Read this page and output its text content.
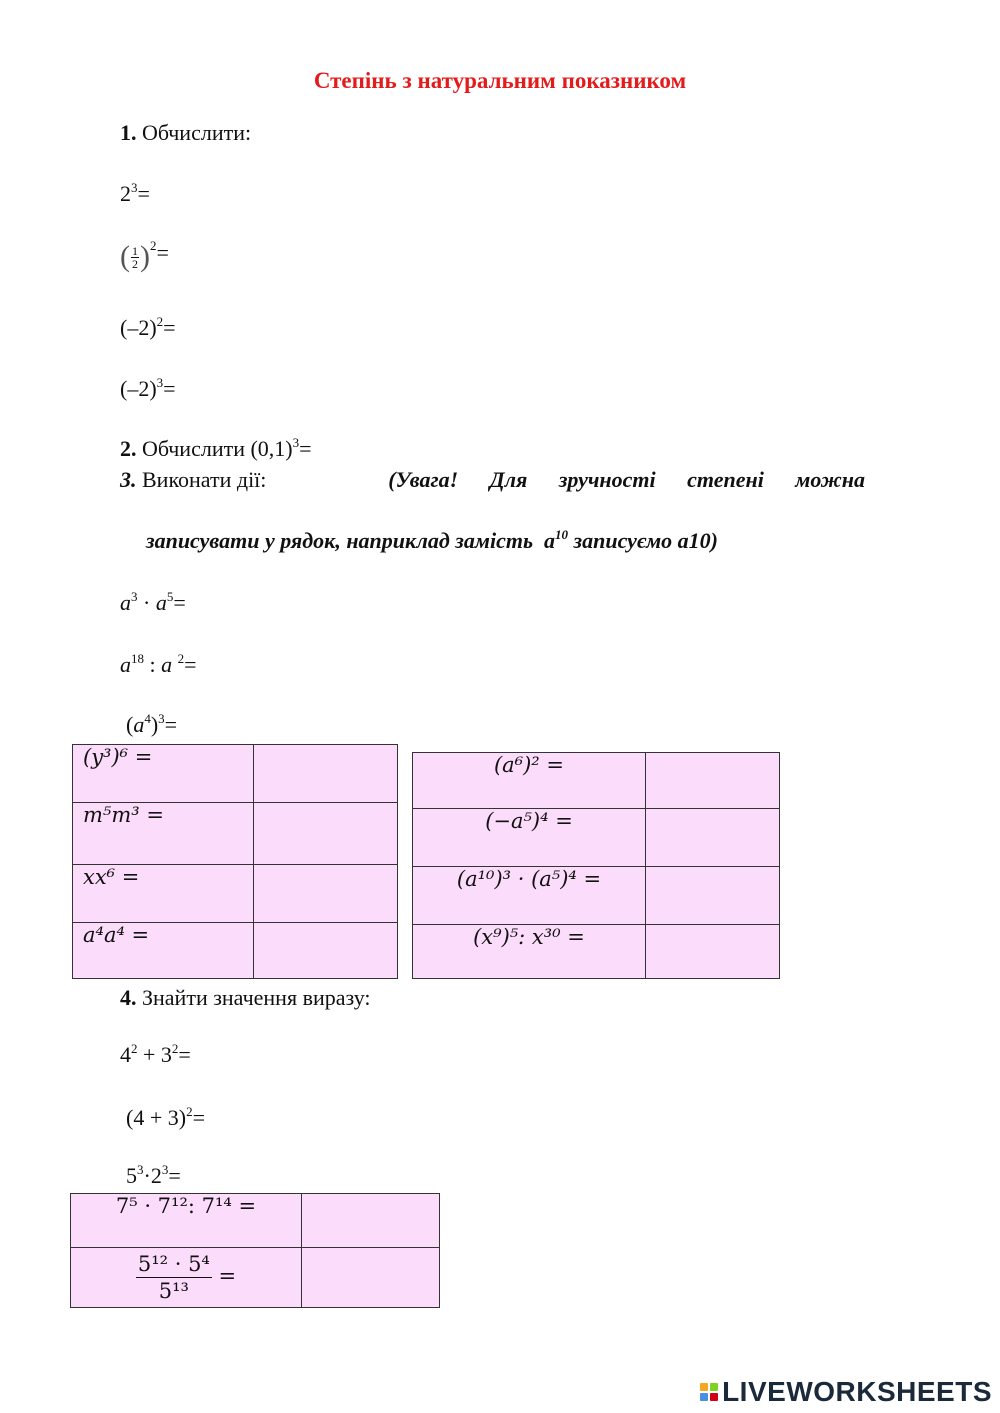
Степінь з натуральним показником
1. Обчислити:
$2^3=$
( 1
2 ) $^2$=
$(-2)^2=$
$(-2)^3=$
2. Обчислити $(0,1)^3=$
3. Виконати дії:	(Увага! Для зручності степені можна
записувати у рядок, наприклад замість $a^{10}$ записуємо а10)
$a^3 \cdot a^5=$
$a^{18}$ : a $^2$=
$(a^4)^3=$
(y³)⁶ =	
m⁵m³ =	
xx⁶ =	
a⁴a⁴ =	
(a⁶)² =	
(−a⁵)⁴ =	
(a¹⁰)³ · (a⁵)⁴ =	
(x⁹)⁵: x³⁰ =	
4. Знайти значення виразу:
$4^2 + 3^2=$
$(4 + 3)^2=$
$5^3\cdot 2^3=$
7⁵ · 7¹²: 7¹⁴ =	

$\frac{\text{5¹² · 5⁴}}{\text{5¹³}}$ =	
LIVEWORKSHEETS
